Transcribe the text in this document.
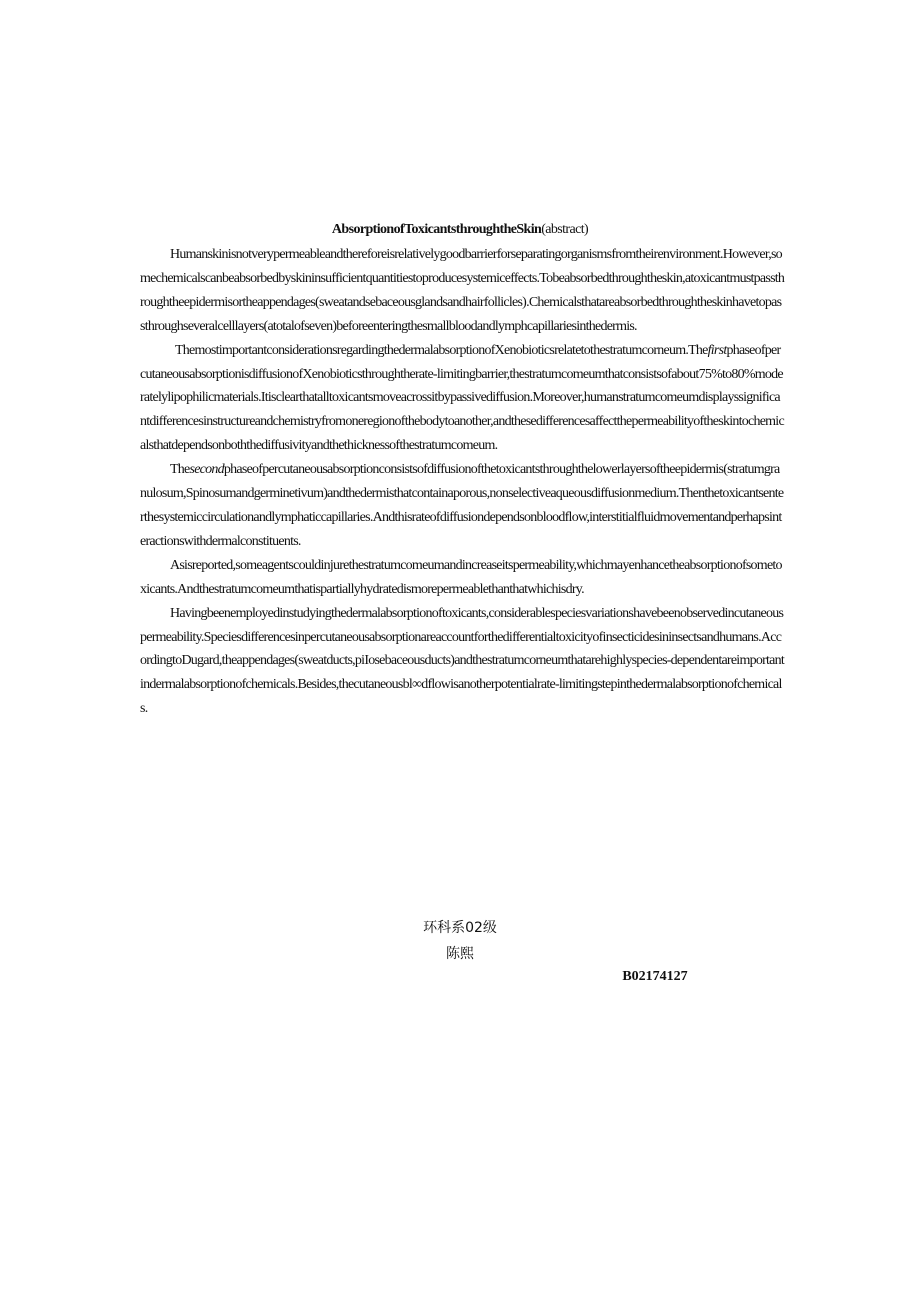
AbsorptionofToxicantsthroughtheSkin(abstract)

Humanskinisnotverypermeableandthereforeisrelativelygoodbarrierforseparatingorganismsfromtheirenvironment.However,somechemicalscanbeabsorbedbyskininsufficientquantitiestoproducesystemiceffects.Tobeabsorbedthroughtheskin,atoxicantmustpassthroughtheepidermisortheappendages(sweatandsebaceousglandsandhairfollicles).Chemicalsthatareabsorbedthroughtheskinhavetopassthroughseveralcelllayers(atotalofseven)beforeenteringthesmallbloodandlymphcapillariesinthedermis.

ThemostimportantconsiderationsregardingthedermalabsorptionofXenobioticsrelatetothestratumcorneum.ThefirstphaseofpercutaneousabsorptionisdiffusionofXenobioticsthroughtherate-limitingbarrier,thestratumcomeumthatconsistsofabout75%to80%moderatelylipophilicmaterials.Itisclearthatalltoxicantsmoveacrossitbypassivediffusion.Moreover,humanstratumcomeumdisplayssignificantdifferencesinstructureandchemistryfromoneregionofthebodytoanother,andthesedifferencesaffectthepermeabilityoftheskintochemicalsthatdependsonboththediffusivityandthethicknessofthestratumcomeum.

Thesecondphaseofpercutaneousabsorptionconsistsofdiffusionofthetoxicantsthroughthelowerlayersoftheepidermis(stratumgranulosum,Spinosumandgerminetivum)andthedermisthatcontainaporous,nonselectiveaqueousdiffusionmedium.Thenthetoxicantsenterthesystemiccirculationandlymphaticcapillaries.Andthisrateofdiffusiondependsonbloodflow,interstitialfluidmovementandperhapsinteractionswithdermalconstituents.

Asisreported,someagentscouldinjurethestratumcomeumandincreaseitspermeability,whichmayenhancetheabsorptionofsometoxicants.Andthestratumcomeumthatispartiallyhydratedismorepermeablethanthatwhichisdry.

Havingbeenemployedinstudyingthedermalabsorptionoftoxicants,considerablespeciesvariationshavebeenobservedincutaneouspermeability.Speciesdifferencesinpercutaneousabsorptionareaccountforthedifferentialtoxicityofinsecticidesininsectsandhumans.AccordingtoDugard,theappendages(sweatducts,piIosebaceousducts)andthestratumcorneumthatarehighlyspecies-dependentareimportantindermalabsorptionofchemicals.Besides,thecutaneousbl∞dflowisanotherpotentialrate-limitingstepinthedermalabsorptionofchemicals.

环科系02级
陈熙
B02174127
